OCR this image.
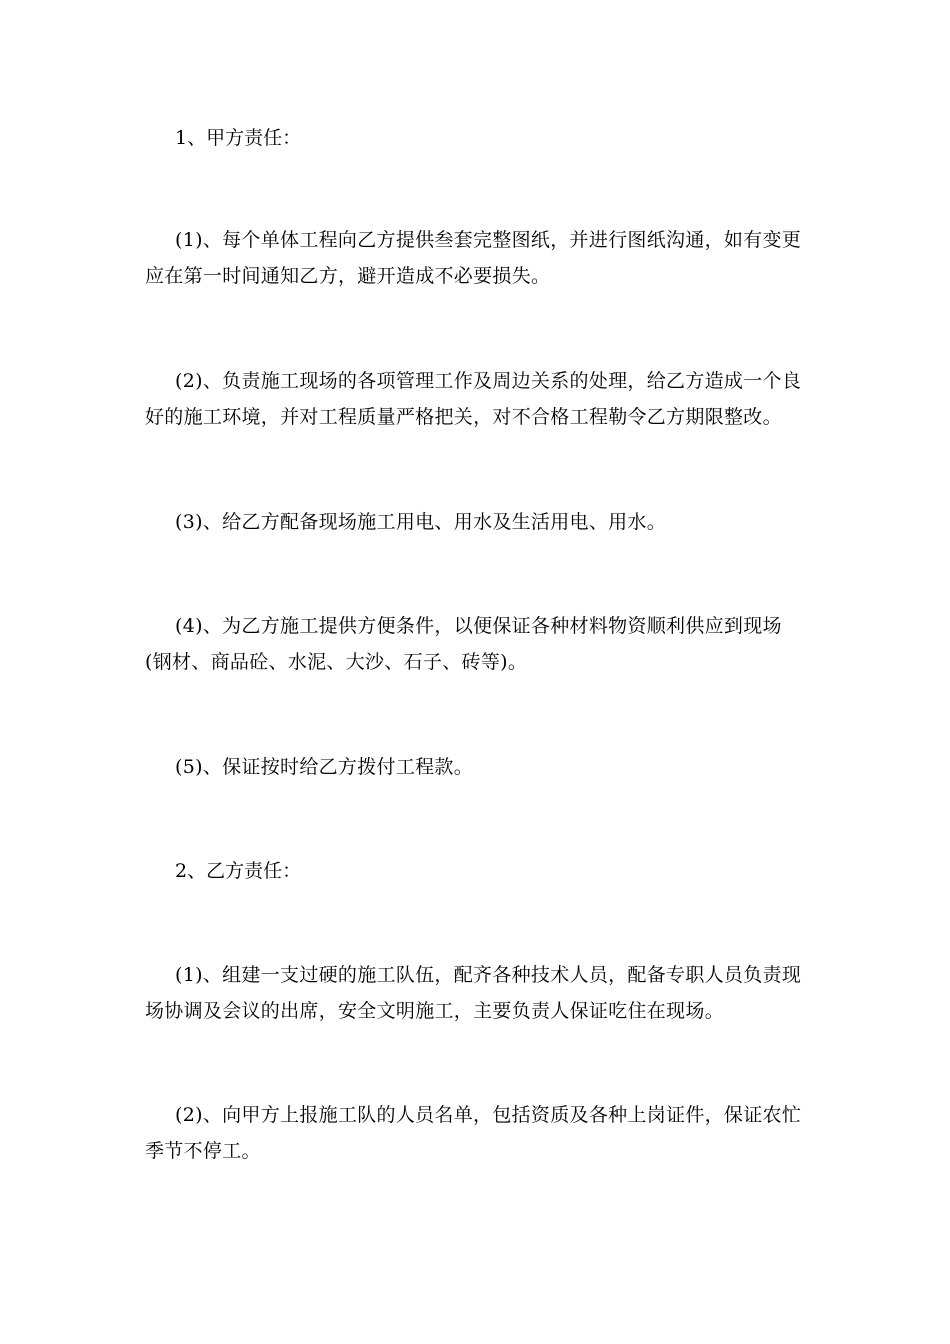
1、甲方责任：

(1)、每个单体工程向乙方提供叁套完整图纸，并进行图纸沟通，如有变更应在第一时间通知乙方，避开造成不必要损失。

(2)、负责施工现场的各项管理工作及周边关系的处理，给乙方造成一个良好的施工环境，并对工程质量严格把关，对不合格工程勒令乙方期限整改。

(3)、给乙方配备现场施工用电、用水及生活用电、用水。

(4)、为乙方施工提供方便条件，以便保证各种材料物资顺利供应到现场(钢材、商品砼、水泥、大沙、石子、砖等)。

(5)、保证按时给乙方拨付工程款。

2、乙方责任：

(1)、组建一支过硬的施工队伍，配齐各种技术人员，配备专职人员负责现场协调及会议的出席，安全文明施工，主要负责人保证吃住在现场。

(2)、向甲方上报施工队的人员名单，包括资质及各种上岗证件，保证农忙季节不停工。
